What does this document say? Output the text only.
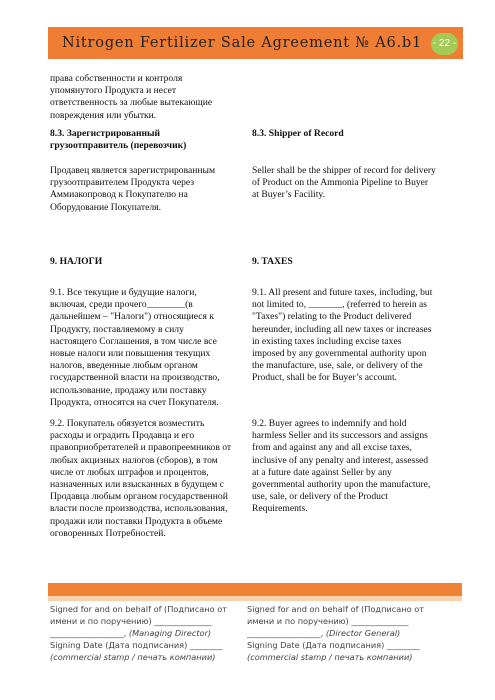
Nitrogen Fertilizer Sale Agreement № A6.b1 - 22 -
права собственности и контроля
упомянутого Продукта и несет
ответственность за любые вытекающие
повреждения или убытки.
8.3. Зарегистрированный
грузоотправитель (перевозчик)
8.3. Shipper of Record
Продавец является зарегистрированным
грузоотправителем Продукта через
Аммиакопровод к Покупателю на
Оборудование Покупателя.
Seller shall be the shipper of record for delivery
of Product on the Ammonia Pipeline to Buyer
at Buyer’s Facility.
9. НАЛОГИ	9. TAXES
9.1. Все текущие и будущие налоги,
включая, среди прочего________(в
дальнейшем – "Налоги") относящиеся к
Продукту, поставляемому в силу
настоящего Соглашения, в том числе все
новые налоги или повышения текущих
налогов, введенные любым органом
государственной власти на производство,
использование, продажу или поставку
Продукта, относятся на счет Покупателя.
9.1. All present and future taxes, including, but
not limited to, _______, (referred to herein as
"Taxes") relating to the Product delivered
hereunder, including all new taxes or increases
in existing taxes including excise taxes
imposed by any governmental authority upon
the manufacture, use, sale, or delivery of the
Product, shall be for Buyer’s account.
9.2. Покупатель обязуется возместить
расходы и оградить Продавца и его
правоприобретателей и правопреемников от
любых акцизных налогов (сборов), в том
числе от любых штрафов и процентов,
назначенных или взысканных в будущем с
Продавца любым органом государственной
власти после производства, использования,
продажи или поставки Продукта в объеме
оговоренных Потребностей.
9.2. Buyer agrees to indemnify and hold
harmless Seller and its successors and assigns
from and against any and all excise taxes,
inclusive of any penalty and interest, assessed
at a future date against Seller by any
governmental authority upon the manufacture,
use, sale, or delivery of the Product
Requirements.
Signed for and on behalf of (Подписано от
имени и по поручению) ______________
__________________, (Managing Director)
Signing Date (Дата подписания) ________
(commercial stamp / печать компании)
Signed for and on behalf of (Подписано от
имени и по поручению) ______________
__________________, (Director General)
Signing Date (Дата подписания) ________
(commercial stamp / печать компании)
